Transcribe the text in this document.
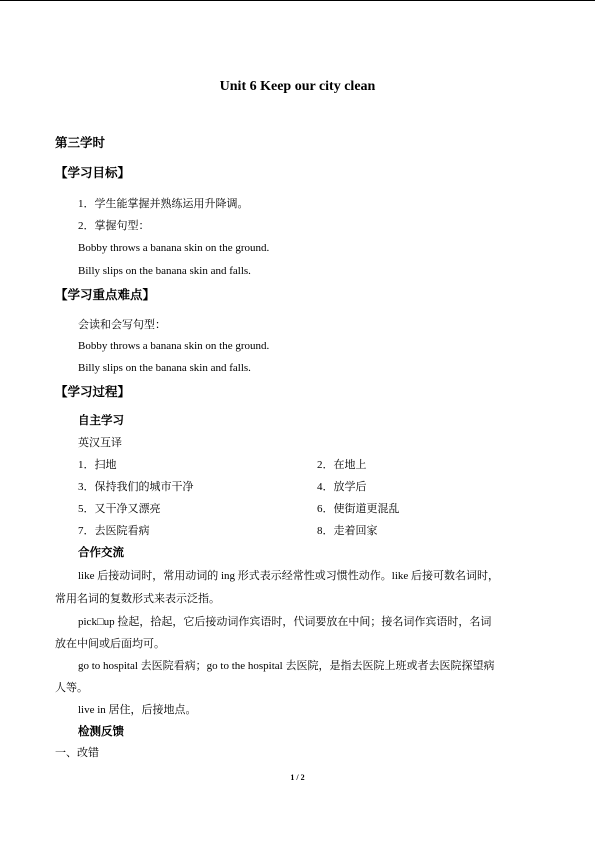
Unit 6 Keep our city clean
第三学时
【学习目标】
1．学生能掌握并熟练运用升降调。
2．掌握句型：
Bobby throws a banana skin on the ground.
Billy slips on the banana skin and falls.
【学习重点难点】
会读和会写句型：
Bobby throws a banana skin on the ground.
Billy slips on the banana skin and falls.
【学习过程】
自主学习
英汉互译
1．扫地	2．在地上
3．保持我们的城市干净	4．放学后
5．又干净又漂亮	6．使街道更混乱
7．去医院看病	8．走着回家
合作交流
like 后接动词时，常用动词的 ing 形式表示经常性或习惯性动作。like 后接可数名词时，
常用名词的复数形式来表示泛指。
pick□up 捡起，拾起，它后接动词作宾语时，代词要放在中间；接名词作宾语时，名词
放在中间或后面均可。
go to hospital 去医院看病；go to the hospital 去医院，是指去医院上班或者去医院探望病
人等。
live in 居住，后接地点。
检测反馈
一、改错
1 / 2
